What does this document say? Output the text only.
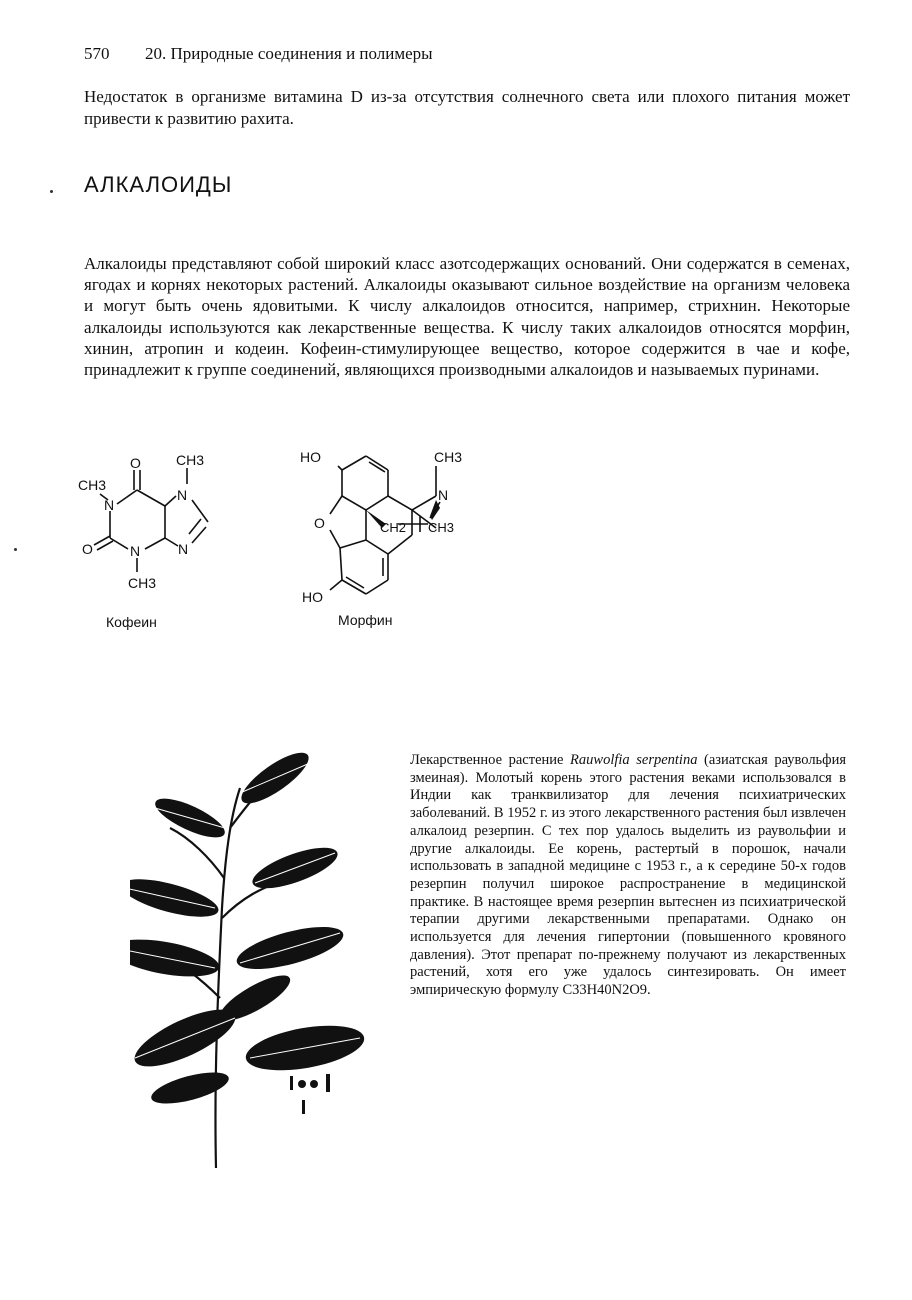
570 20. Природные соединения и полимеры
Недостаток в организме витамина D из-за отсутствия солнечного света или плохого питания может привести к развитию рахита.
АЛКАЛОИДЫ
Алкалоиды представляют собой широкий класс азотсодержащих оснований. Они содержатся в семенах, ягодах и корнях некоторых растений. Алкалоиды оказывают сильное воздействие на организм человека и могут быть очень ядовитыми. К числу алкалоидов относится, например, стрихнин. Некоторые алкалоиды используются как лекарственные вещества. К числу таких алкалоидов относятся морфин, хинин, атропин и кодеин. Кофеин-стимулирующее вещество, которое содержится в чае и кофе, принадлежит к группе соединений, являющихся производными алкалоидов и называемых пуринами.
O	CH3
CH3
N
N
O	N	N
CH3
Кофеин
HO	CH3
N
O	CH2 CH3
HO
Морфин
Лекарственное растение Rauwolfia serpentina (азиатская раувольфия змеиная). Молотый корень этого растения веками использовался в Индии как транквилизатор для лечения психиатрических заболеваний. В 1952 г. из этого лекарственного растения был извлечен алкалоид резерпин. С тех пор удалось выделить из раувольфии и другие алкалоиды. Ее корень, растертый в порошок, начали использовать в западной медицине с 1953 г., а к середине 50-х годов резерпин получил широкое распространение в медицинской практике. В настоящее время резерпин вытеснен из психиатрической терапии другими лекарственными препаратами. Однако он используется для лечения гипертонии (повышенного кровяного давления). Этот препарат по-прежнему получают из лекарственных растений, хотя его уже удалось синтезировать. Он имеет эмпирическую формулу C33H40N2O9.
